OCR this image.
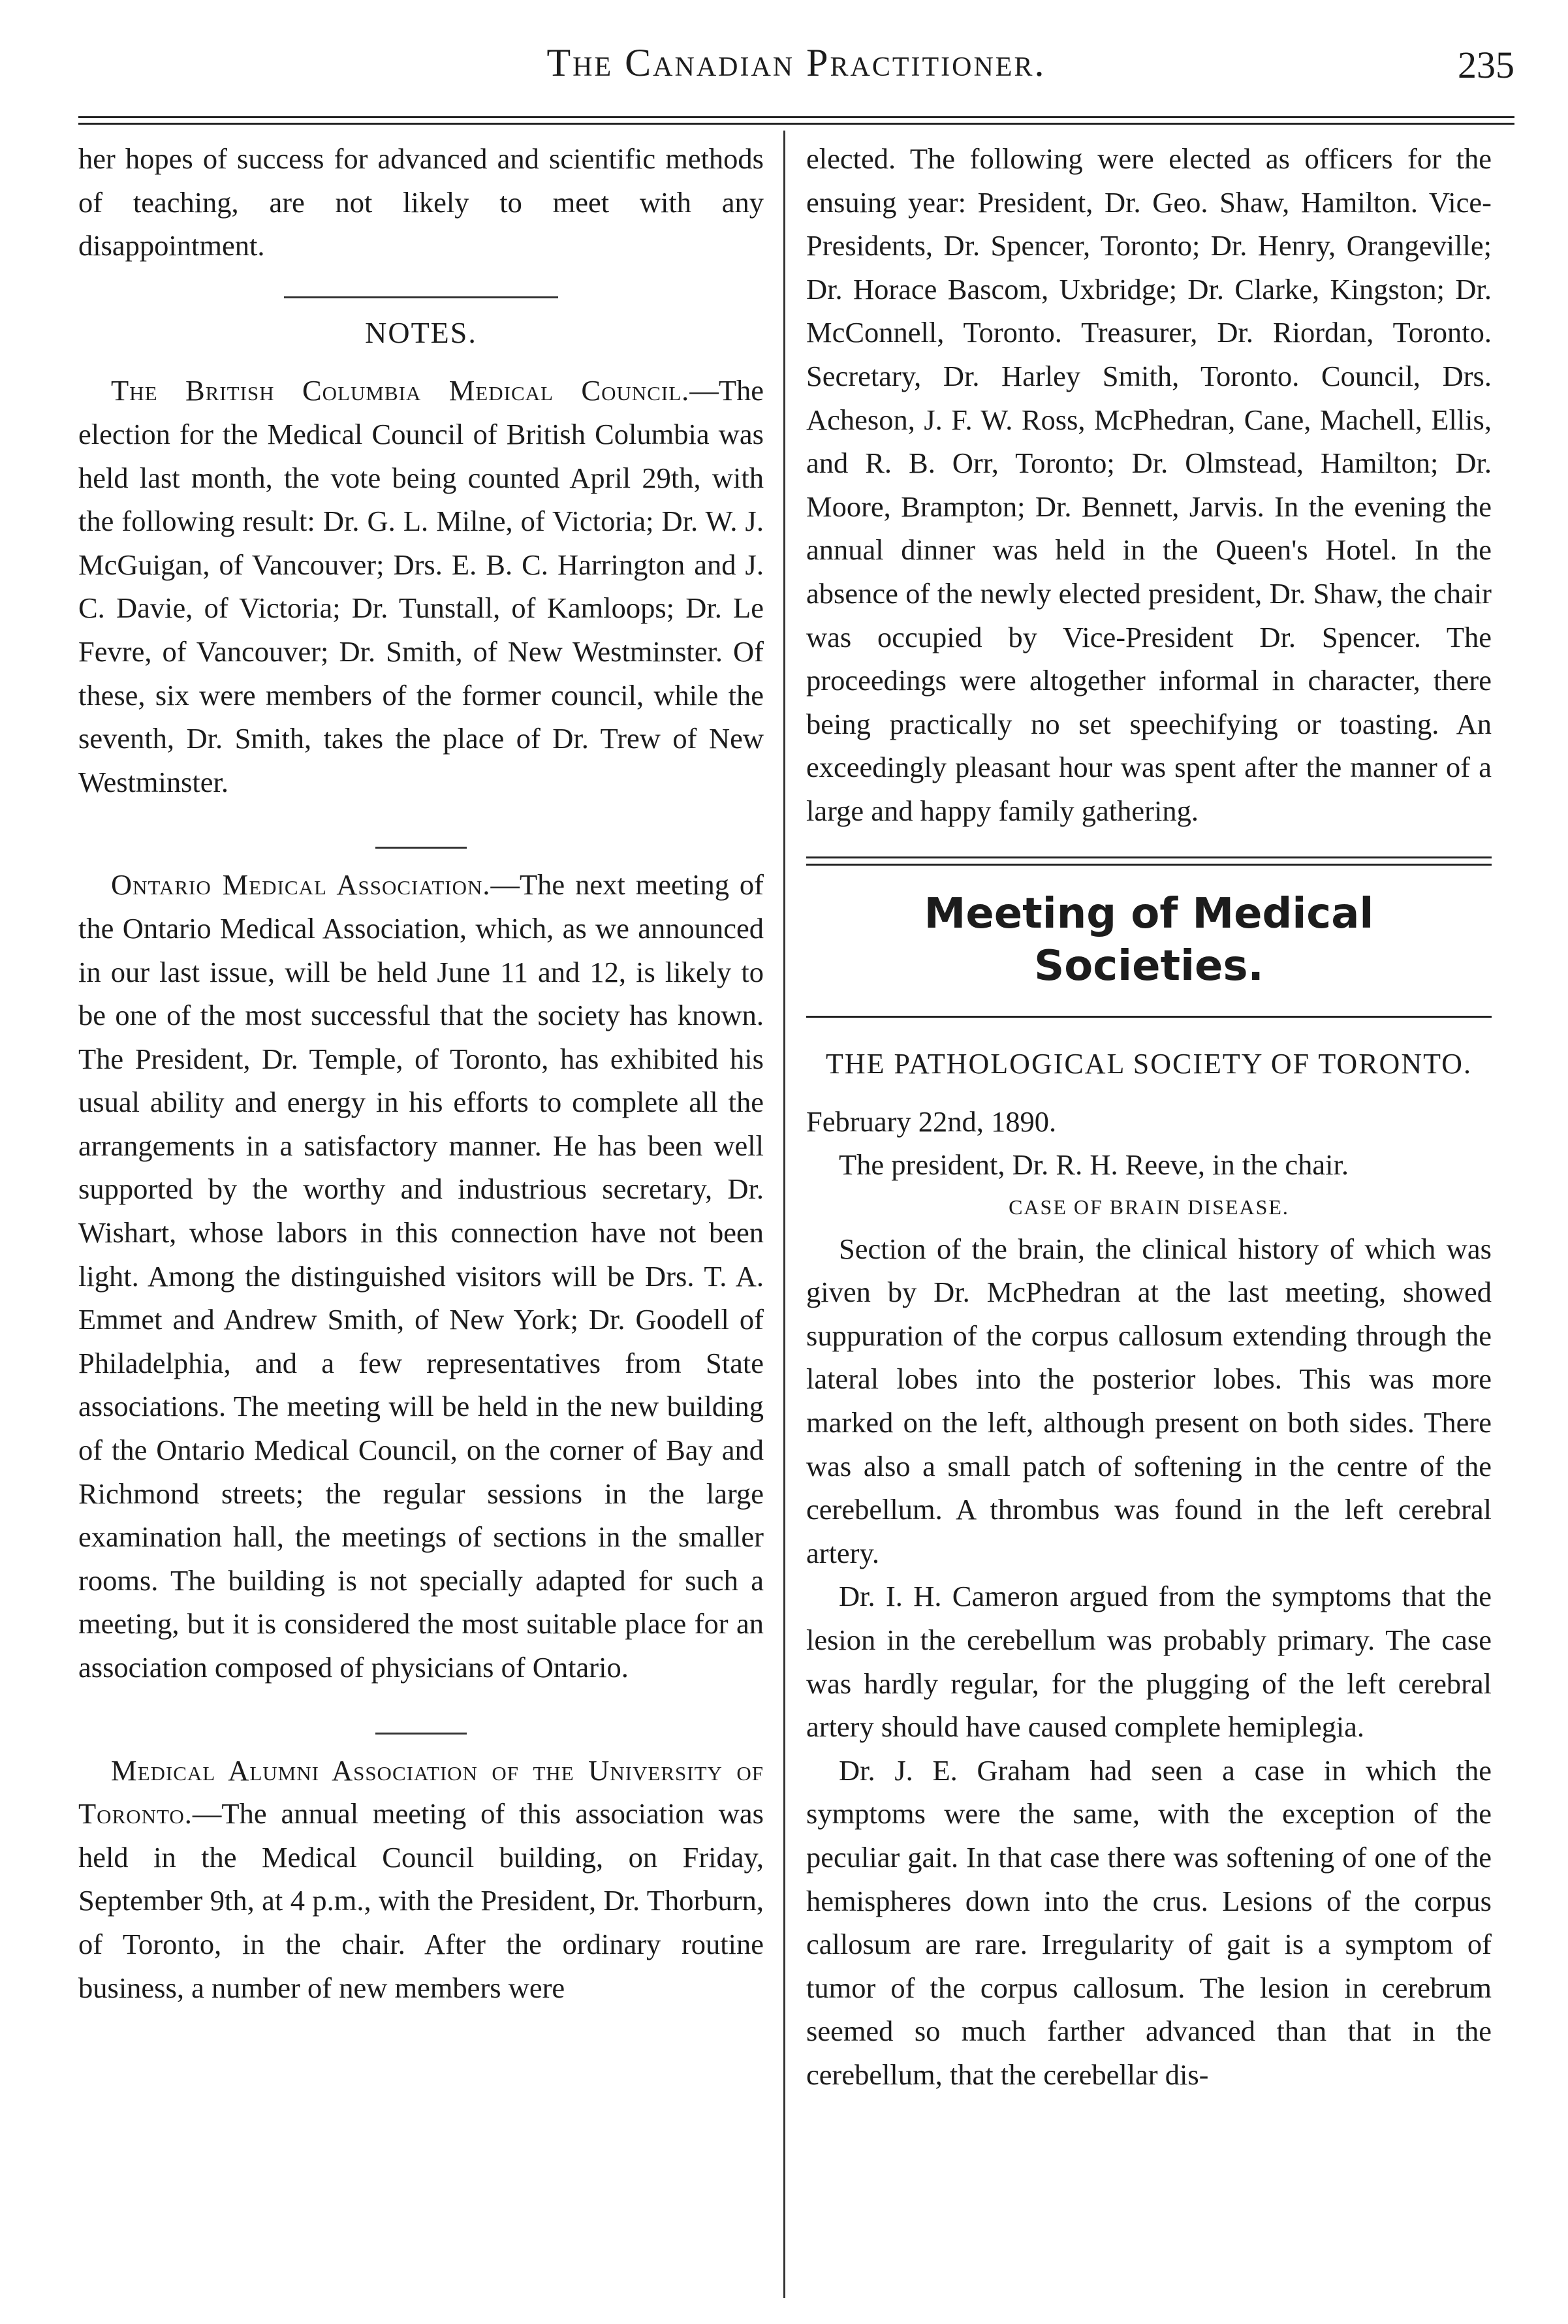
The Canadian Practitioner.	235

her hopes of success for advanced and scientific methods of teaching, are not likely to meet with any disappointment.

NOTES.

The British Columbia Medical Council.—The election for the Medical Council of British Columbia was held last month, the vote being counted April 29th, with the following result: Dr. G. L. Milne, of Victoria; Dr. W. J. McGuigan, of Vancouver; Drs. E. B. C. Harrington and J. C. Davie, of Victoria; Dr. Tunstall, of Kamloops; Dr. Le Fevre, of Vancouver; Dr. Smith, of New Westminster. Of these, six were members of the former council, while the seventh, Dr. Smith, takes the place of Dr. Trew of New Westminster.

Ontario Medical Association.—The next meeting of the Ontario Medical Association, which, as we announced in our last issue, will be held June 11 and 12, is likely to be one of the most successful that the society has known. The President, Dr. Temple, of Toronto, has exhibited his usual ability and energy in his efforts to complete all the arrangements in a satisfactory manner. He has been well supported by the worthy and industrious secretary, Dr. Wishart, whose labors in this connection have not been light. Among the distinguished visitors will be Drs. T. A. Emmet and Andrew Smith, of New York; Dr. Goodell of Philadelphia, and a few representatives from State associations. The meeting will be held in the new building of the Ontario Medical Council, on the corner of Bay and Richmond streets; the regular sessions in the large examination hall, the meetings of sections in the smaller rooms. The building is not specially adapted for such a meeting, but it is considered the most suitable place for an association composed of physicians of Ontario.

Medical Alumni Association of the University of Toronto.—The annual meeting of this association was held in the Medical Council building, on Friday, September 9th, at 4 p.m., with the President, Dr. Thorburn, of Toronto, in the chair. After the ordinary routine business, a number of new members were

elected. The following were elected as officers for the ensuing year: President, Dr. Geo. Shaw, Hamilton. Vice-Presidents, Dr. Spencer, Toronto; Dr. Henry, Orangeville; Dr. Horace Bascom, Uxbridge; Dr. Clarke, Kingston; Dr. McConnell, Toronto. Treasurer, Dr. Riordan, Toronto. Secretary, Dr. Harley Smith, Toronto. Council, Drs. Acheson, J. F. W. Ross, McPhedran, Cane, Machell, Ellis, and R. B. Orr, Toronto; Dr. Olmstead, Hamilton; Dr. Moore, Brampton; Dr. Bennett, Jarvis. In the evening the annual dinner was held in the Queen's Hotel. In the absence of the newly elected president, Dr. Shaw, the chair was occupied by Vice-President Dr. Spencer. The proceedings were altogether informal in character, there being practically no set speechifying or toasting. An exceedingly pleasant hour was spent after the manner of a large and happy family gathering.

Meeting of Medical Societies.
THE PATHOLOGICAL SOCIETY OF TORONTO.

February 22nd, 1890.

The president, Dr. R. H. Reeve, in the chair.

CASE OF BRAIN DISEASE.

Section of the brain, the clinical history of which was given by Dr. McPhedran at the last meeting, showed suppuration of the corpus callosum extending through the lateral lobes into the posterior lobes. This was more marked on the left, although present on both sides. There was also a small patch of softening in the centre of the cerebellum. A thrombus was found in the left cerebral artery.

Dr. I. H. Cameron argued from the symptoms that the lesion in the cerebellum was probably primary. The case was hardly regular, for the plugging of the left cerebral artery should have caused complete hemiplegia.

Dr. J. E. Graham had seen a case in which the symptoms were the same, with the exception of the peculiar gait. In that case there was softening of one of the hemispheres down into the crus. Lesions of the corpus callosum are rare. Irregularity of gait is a symptom of tumor of the corpus callosum. The lesion in cerebrum seemed so much farther advanced than that in the cerebellum, that the cerebellar dis-
